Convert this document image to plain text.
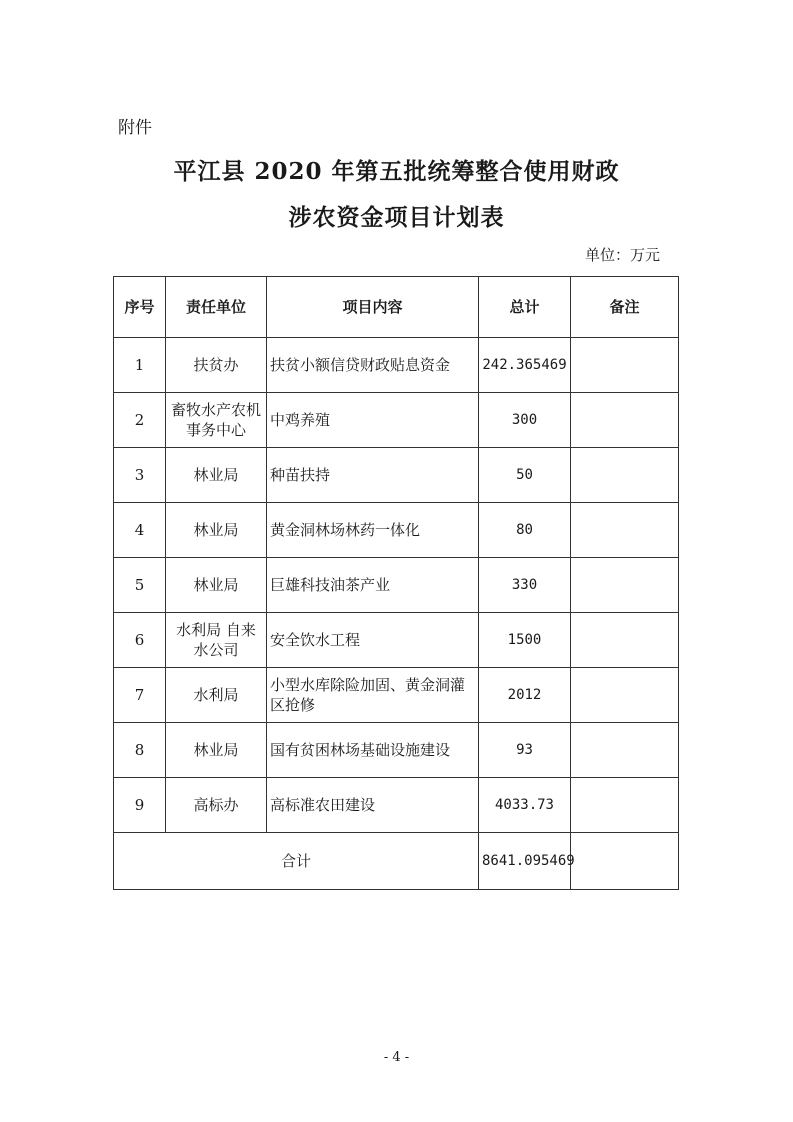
附件
平江县 2020 年第五批统筹整合使用财政
涉农资金项目计划表
单位：万元
序号	责任单位	项目内容	总计	备注
1	扶贫办	扶贫小额信贷财政贴息资金	242.365469	
2	畜牧水产农机事务中心	中鸡养殖	300	
3	林业局	种苗扶持	50	
4	林业局	黄金洞林场林药一体化	80	
5	林业局	巨雄科技油茶产业	330	
6	水利局 自来水公司	安全饮水工程	1500	
7	水利局	小型水库除险加固、黄金洞灌区抢修	2012	
8	林业局	国有贫困林场基础设施建设	93	
9	高标办	高标准农田建设	4033.73	
合计			8641.095469	
- 4 -
